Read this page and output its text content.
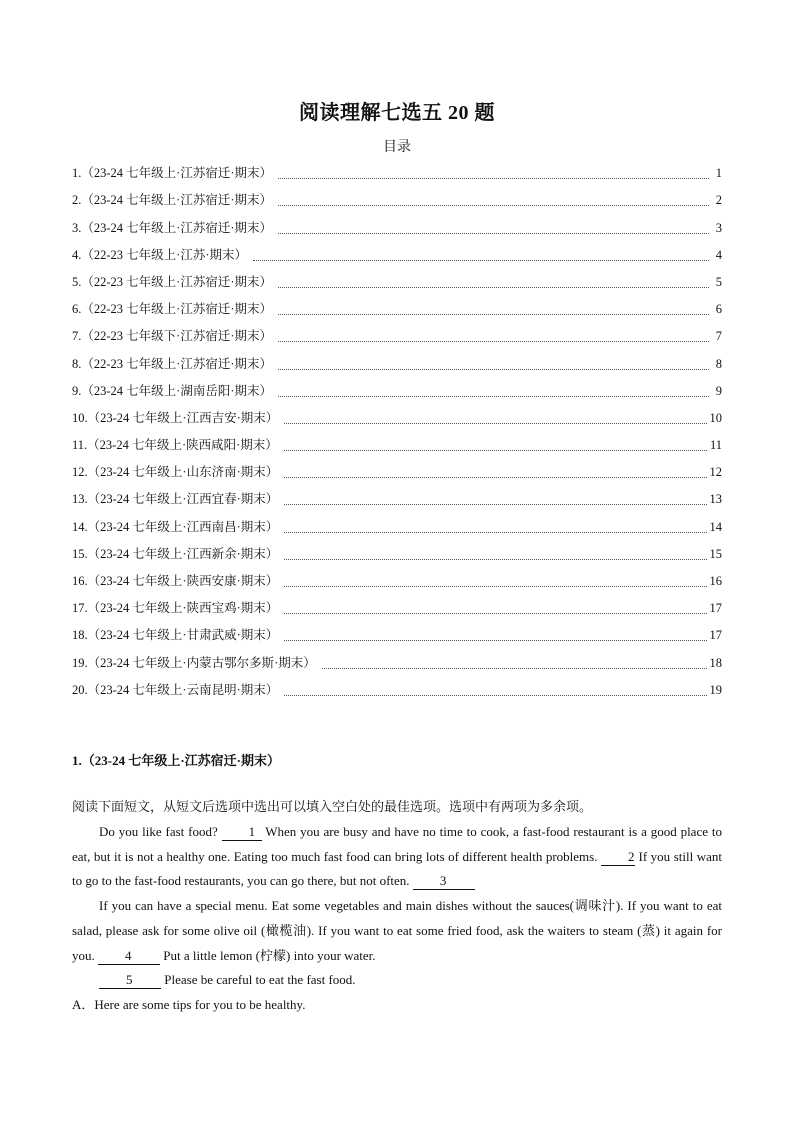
阅读理解七选五 20 题
目录
1.（23-24 七年级上·江苏宿迁·期末）	1
2.（23-24 七年级上·江苏宿迁·期末）	2
3.（23-24 七年级上·江苏宿迁·期末）	3
4.（22-23 七年级上·江苏·期末）	4
5.（22-23 七年级上·江苏宿迁·期末）	5
6.（22-23 七年级上·江苏宿迁·期末）	6
7.（22-23 七年级下·江苏宿迁·期末）	7
8.（22-23 七年级上·江苏宿迁·期末）	8
9.（23-24 七年级上·湖南岳阳·期末）	9
10.（23-24 七年级上·江西吉安·期末）	10
11.（23-24 七年级上·陕西咸阳·期末）	11
12.（23-24 七年级上·山东济南·期末）	12
13.（23-24 七年级上·江西宜春·期末）	13
14.（23-24 七年级上·江西南昌·期末）	14
15.（23-24 七年级上·江西新余·期末）	15
16.（23-24 七年级上·陕西安康·期末）	16
17.（23-24 七年级上·陕西宝鸡·期末）	17
18.（23-24 七年级上·甘肃武威·期末）	17
19.（23-24 七年级上·内蒙古鄂尔多斯·期末）	18
20.（23-24 七年级上·云南昆明·期末）	19
1.（23-24 七年级上·江苏宿迁·期末）
阅读下面短文，从短文后选项中选出可以填入空白处的最佳选项。选项中有两项为多余项。

Do you like fast food? 1 When you are busy and have no time to cook, a fast-food restaurant is a good place to eat, but it is not a healthy one. Eating too much fast food can bring lots of different health problems. 2 If you still want to go to the fast-food restaurants, you can go there, but not often. 3

If you can have a special menu. Eat some vegetables and main dishes without the sauces(调味汁). If you want to eat salad, please ask for some olive oil (橄榄油). If you want to eat some fried food, ask the waiters to steam (蒸) it again for you. 4 Put a little lemon (柠檬) into your water.

5 Please be careful to eat the fast food.

A．Here are some tips for you to be healthy.
